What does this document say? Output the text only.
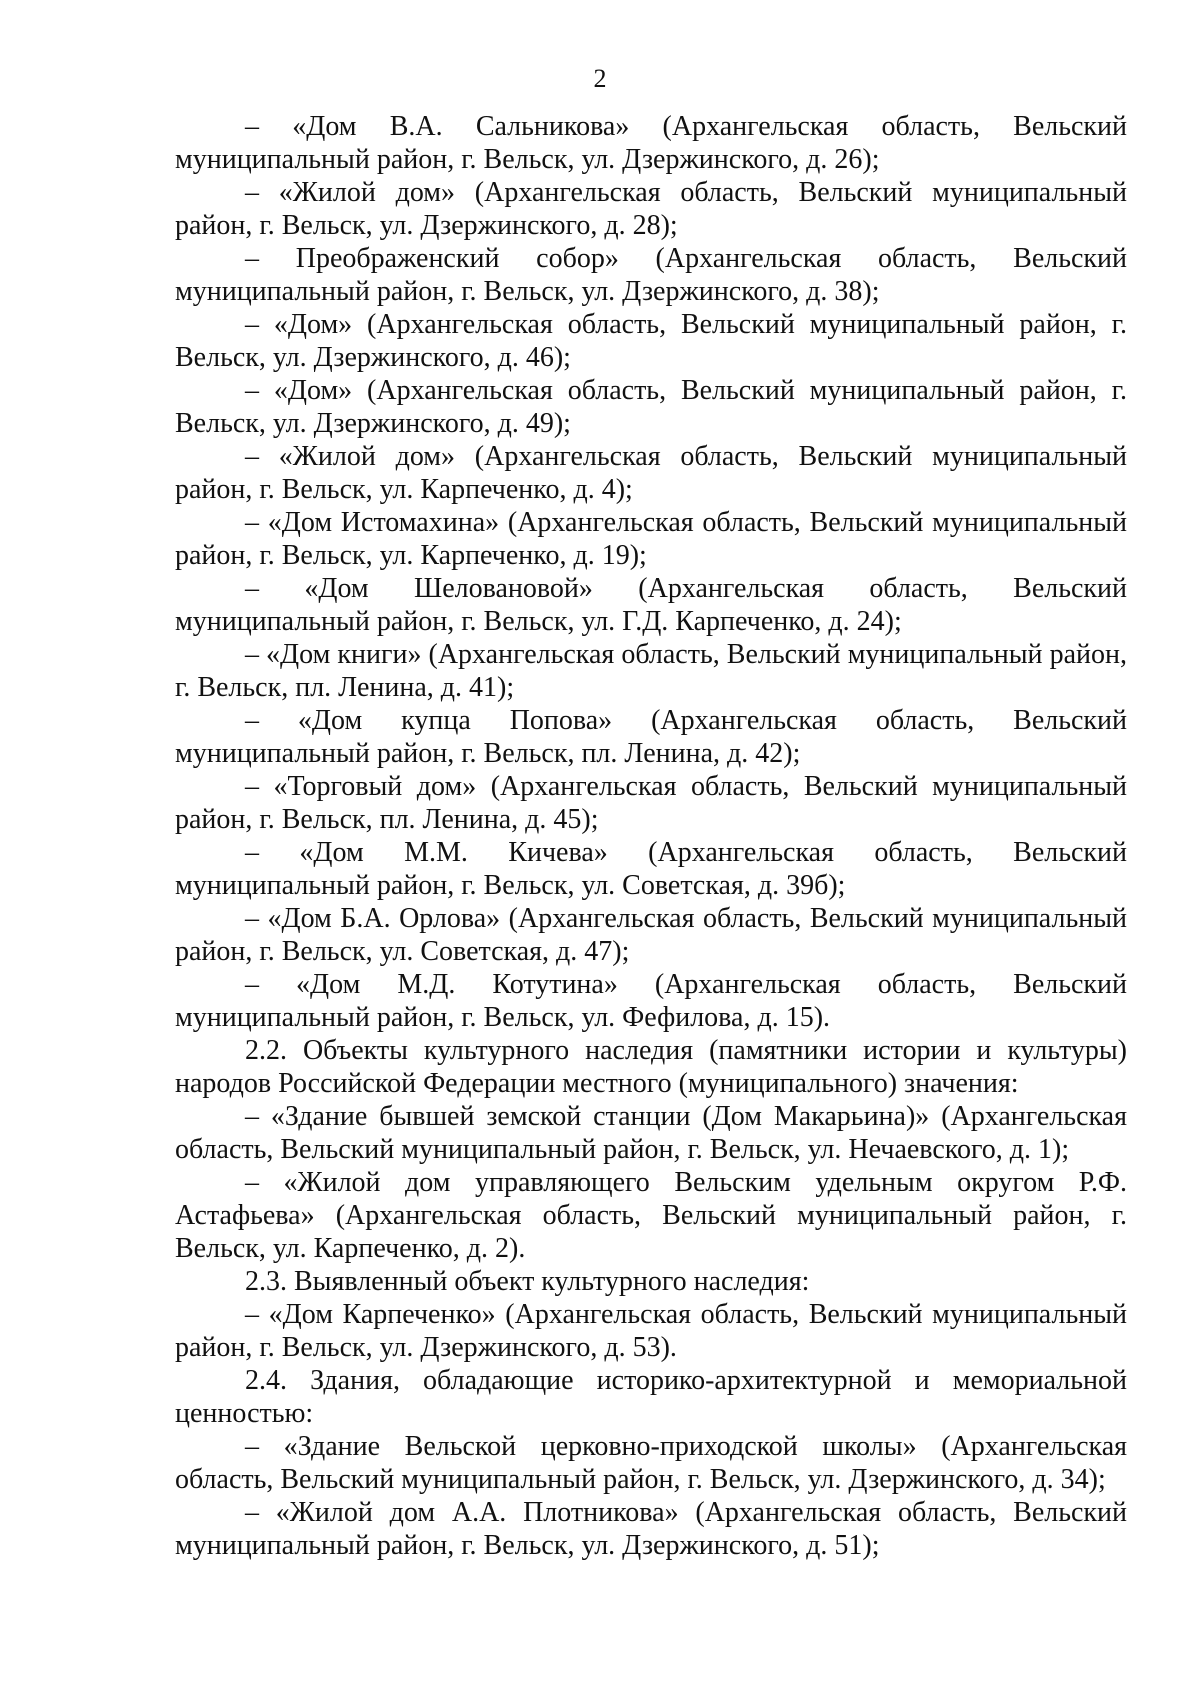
2

– «Дом В.А. Сальникова» (Архангельская область, Вельский муниципальный район, г. Вельск, ул. Дзержинского, д. 26);

– «Жилой дом» (Архангельская область, Вельский муниципальный район, г. Вельск, ул. Дзержинского, д. 28);

– Преображенский собор» (Архангельская область, Вельский муниципальный район, г. Вельск, ул. Дзержинского, д. 38);

– «Дом» (Архангельская область, Вельский муниципальный район, г. Вельск, ул. Дзержинского, д. 46);

– «Дом» (Архангельская область, Вельский муниципальный район, г. Вельск, ул. Дзержинского, д. 49);

– «Жилой дом» (Архангельская область, Вельский муниципальный район, г. Вельск, ул. Карпеченко, д. 4);

– «Дом Истомахина» (Архангельская область, Вельский муниципальный район, г. Вельск, ул. Карпеченко, д. 19);

– «Дом Шелованoвой» (Архангельская область, Вельский муниципальный район, г. Вельск, ул. Г.Д. Карпеченко, д. 24);

– «Дом книги» (Архангельская область, Вельский муниципальный район, г. Вельск, пл. Ленина, д. 41);

– «Дом купца Попова» (Архангельская область, Вельский муниципальный район, г. Вельск, пл. Ленина, д. 42);

– «Торговый дом» (Архангельская область, Вельский муниципальный район, г. Вельск, пл. Ленина, д. 45);

– «Дом М.М. Кичева» (Архангельская область, Вельский муниципальный район, г. Вельск, ул. Советская, д. 39б);

– «Дом Б.А. Орлова» (Архангельская область, Вельский муниципальный район, г. Вельск, ул. Советская, д. 47);

– «Дом М.Д. Котутина» (Архангельская область, Вельский муниципальный район, г. Вельск, ул. Фефилова, д. 15).

2.2. Объекты культурного наследия (памятники истории и культуры) народов Российской Федерации местного (муниципального) значения:

– «Здание бывшей земской станции (Дом Макарьина)» (Архангельская область, Вельский муниципальный район, г. Вельск, ул. Нечаевского, д. 1);

– «Жилой дом управляющего Вельским удельным округом Р.Ф. Астафьева» (Архангельская область, Вельский муниципальный район, г. Вельск, ул. Карпеченко, д. 2).

2.3. Выявленный объект культурного наследия:

– «Дом Карпеченко» (Архангельская область, Вельский муниципальный район, г. Вельск, ул. Дзержинского, д. 53).

2.4. Здания, обладающие историко-архитектурной и мемориальной ценностью:

– «Здание Вельской церковно-приходской школы» (Архангельская область, Вельский муниципальный район, г. Вельск, ул. Дзержинского, д. 34);

– «Жилой дом А.А. Плотникова» (Архангельская область, Вельский муниципальный район, г. Вельск, ул. Дзержинского, д. 51);
